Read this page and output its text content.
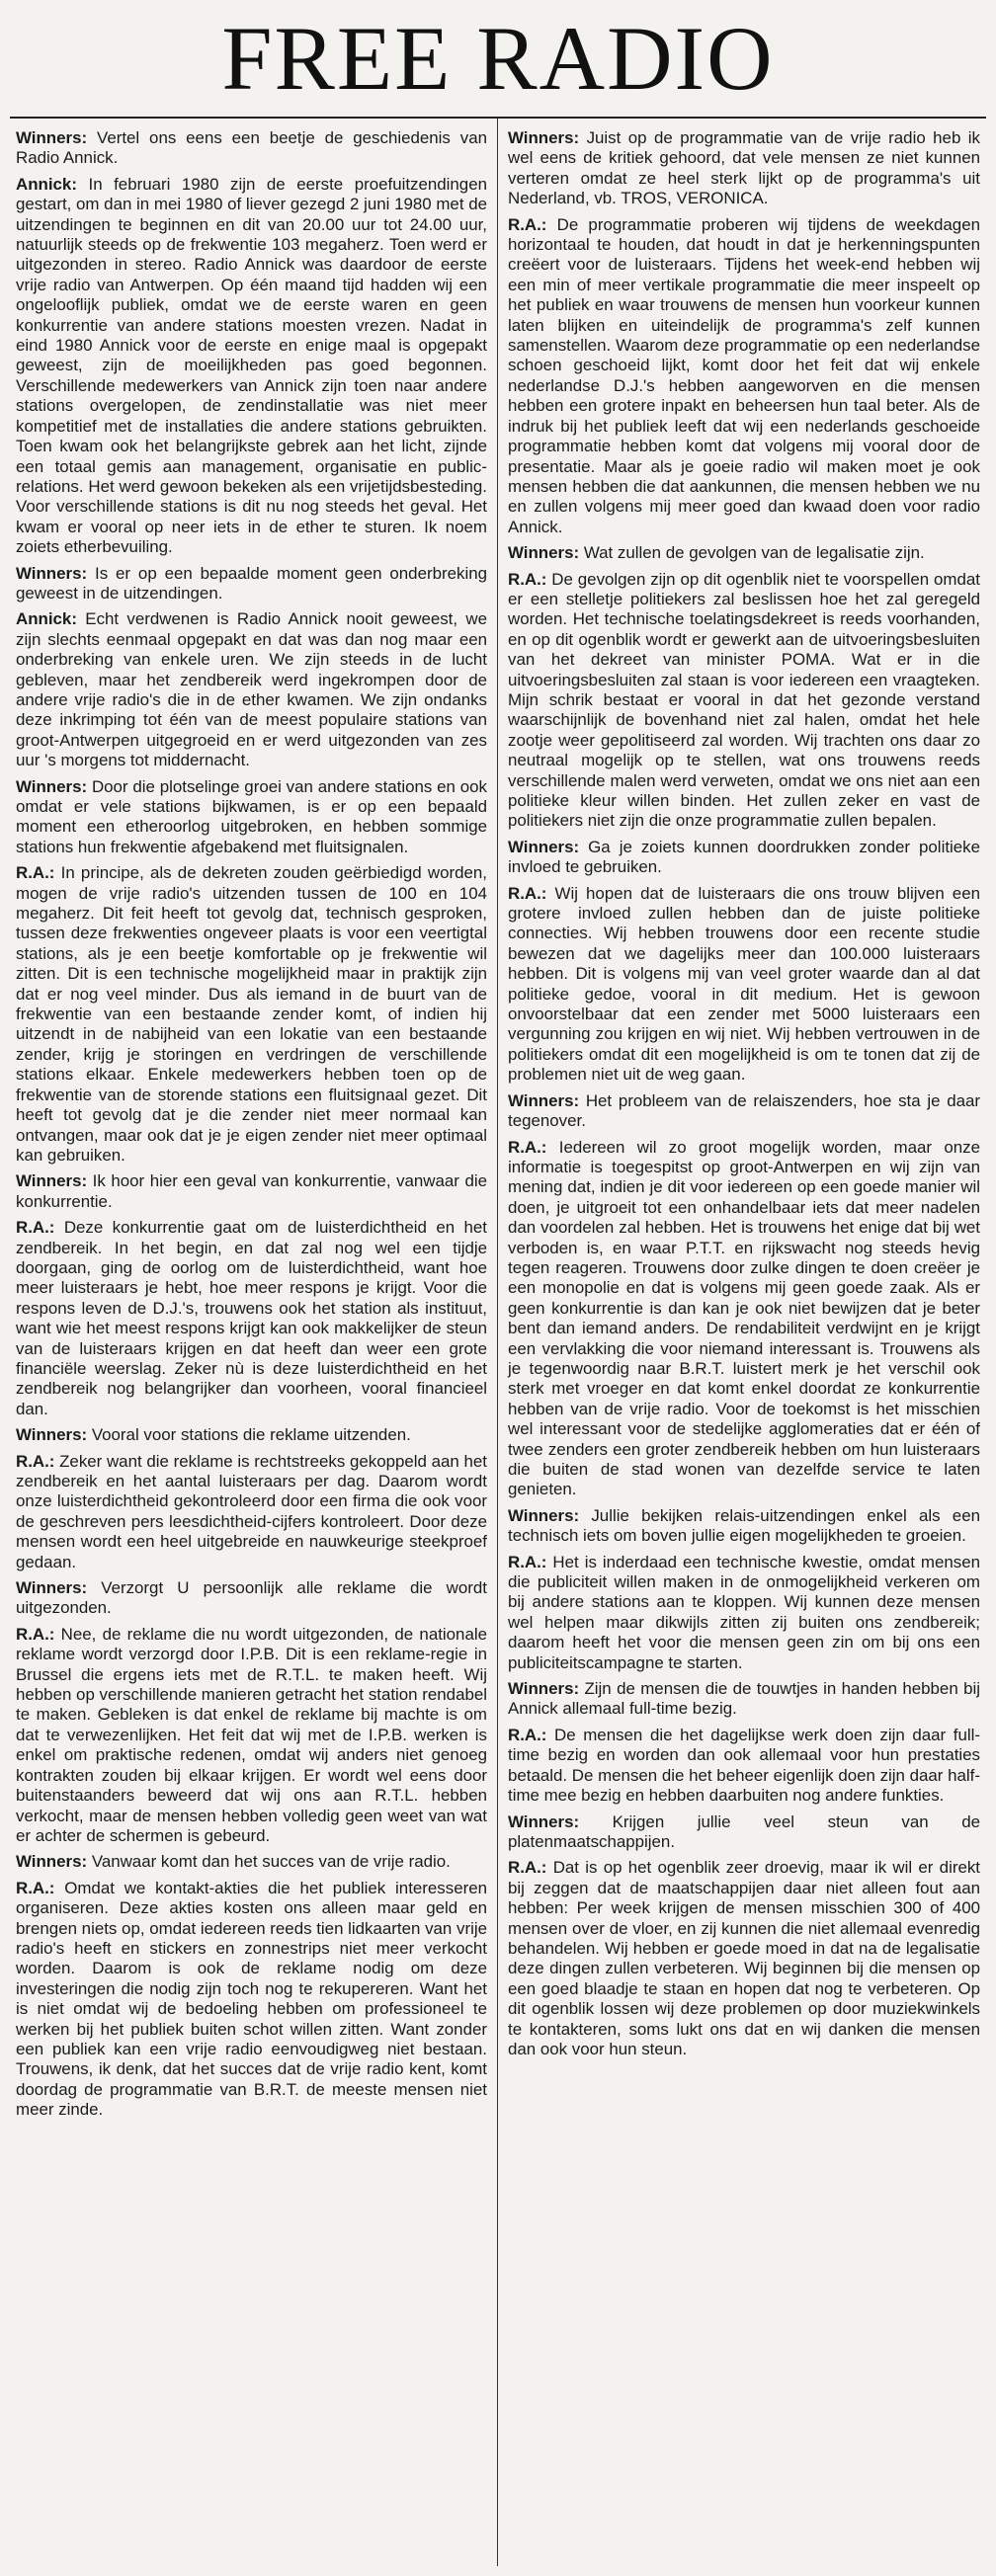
FREE RADIO

Winners: Vertel ons eens een beetje de geschiedenis van Radio Annick.

Annick: In februari 1980 zijn de eerste proefuitzendingen gestart, om dan in mei 1980 of liever gezegd 2 juni 1980 met de uitzendingen te beginnen en dit van 20.00 uur tot 24.00 uur, natuurlijk steeds op de frekwentie 103 megaherz. Toen werd er uitgezonden in stereo. Radio Annick was daardoor de eerste vrije radio van Antwerpen. Op één maand tijd hadden wij een ongelooflijk publiek, omdat we de eerste waren en geen konkurrentie van andere stations moesten vrezen. Nadat in eind 1980 Annick voor de eerste en enige maal is opgepakt geweest, zijn de moeilijkheden pas goed begonnen. Verschillende medewerkers van Annick zijn toen naar andere stations overgelopen, de zendinstallatie was niet meer kompetitief met de installaties die andere stations gebruikten. Toen kwam ook het belangrijkste gebrek aan het licht, zijnde een totaal gemis aan management, organisatie en public-relations. Het werd gewoon bekeken als een vrijetijdsbesteding. Voor verschillende stations is dit nu nog steeds het geval. Het kwam er vooral op neer iets in de ether te sturen. Ik noem zoiets etherbevuiling.

Winners: Is er op een bepaalde moment geen onderbreking geweest in de uitzendingen.

Annick: Echt verdwenen is Radio Annick nooit geweest, we zijn slechts eenmaal opgepakt en dat was dan nog maar een onderbreking van enkele uren. We zijn steeds in de lucht gebleven, maar het zendbereik werd ingekrompen door de andere vrije radio's die in de ether kwamen. We zijn ondanks deze inkrimping tot één van de meest populaire stations van groot-Antwerpen uitgegroeid en er werd uitgezonden van zes uur 's morgens tot middernacht.

Winners: Door die plotselinge groei van andere stations en ook omdat er vele stations bijkwamen, is er op een bepaald moment een etheroorlog uitgebroken, en hebben sommige stations hun frekwentie afgebakend met fluitsignalen.

R.A.: In principe, als de dekreten zouden geërbiedigd worden, mogen de vrije radio's uitzenden tussen de 100 en 104 megaherz. Dit feit heeft tot gevolg dat, technisch gesproken, tussen deze frekwenties ongeveer plaats is voor een veertigtal stations, als je een beetje komfortable op je frekwentie wil zitten. Dit is een technische mogelijkheid maar in praktijk zijn dat er nog veel minder. Dus als iemand in de buurt van de frekwentie van een bestaande zender komt, of indien hij uitzendt in de nabijheid van een lokatie van een bestaande zender, krijg je storingen en verdringen de verschillende stations elkaar. Enkele medewerkers hebben toen op de frekwentie van de storende stations een fluitsignaal gezet. Dit heeft tot gevolg dat je die zender niet meer normaal kan ontvangen, maar ook dat je je eigen zender niet meer optimaal kan gebruiken.

Winners: Ik hoor hier een geval van konkurrentie, vanwaar die konkurrentie.

R.A.: Deze konkurrentie gaat om de luisterdichtheid en het zendbereik. In het begin, en dat zal nog wel een tijdje doorgaan, ging de oorlog om de luisterdichtheid, want hoe meer luisteraars je hebt, hoe meer respons je krijgt. Voor die respons leven de D.J.'s, trouwens ook het station als instituut, want wie het meest respons krijgt kan ook makkelijker de steun van de luisteraars krijgen en dat heeft dan weer een grote financiële weerslag. Zeker nù is deze luisterdichtheid en het zendbereik nog belangrijker dan voorheen, vooral financieel dan.

Winners: Vooral voor stations die reklame uitzenden.

R.A.: Zeker want die reklame is rechtstreeks gekoppeld aan het zendbereik en het aantal luisteraars per dag. Daarom wordt onze luisterdichtheid gekontroleerd door een firma die ook voor de geschreven pers leesdichtheid-cijfers kontroleert. Door deze mensen wordt een heel uitgebreide en nauwkeurige steekproef gedaan.

Winners: Verzorgt U persoonlijk alle reklame die wordt uitgezonden.

R.A.: Nee, de reklame die nu wordt uitgezonden, de nationale reklame wordt verzorgd door I.P.B. Dit is een reklame-regie in Brussel die ergens iets met de R.T.L. te maken heeft. Wij hebben op verschillende manieren getracht het station rendabel te maken. Gebleken is dat enkel de reklame bij machte is om dat te verwezenlijken. Het feit dat wij met de I.P.B. werken is enkel om praktische redenen, omdat wij anders niet genoeg kontrakten zouden bij elkaar krijgen. Er wordt wel eens door buitenstaanders beweerd dat wij ons aan R.T.L. hebben verkocht, maar de mensen hebben volledig geen weet van wat er achter de schermen is gebeurd.

Winners: Vanwaar komt dan het succes van de vrije radio.

R.A.: Omdat we kontakt-akties die het publiek interesseren organiseren. Deze akties kosten ons alleen maar geld en brengen niets op, omdat iedereen reeds tien lidkaarten van vrije radio's heeft en stickers en zonnestrips niet meer verkocht worden. Daarom is ook de reklame nodig om deze investeringen die nodig zijn toch nog te rekupereren. Want het is niet omdat wij de bedoeling hebben om professioneel te werken bij het publiek buiten schot willen zitten. Want zonder een publiek kan een vrije radio eenvoudigweg niet bestaan. Trouwens, ik denk, dat het succes dat de vrije radio kent, komt doordag de programmatie van B.R.T. de meeste mensen niet meer zinde.

Winners: Juist op de programmatie van de vrije radio heb ik wel eens de kritiek gehoord, dat vele mensen ze niet kunnen verteren omdat ze heel sterk lijkt op de programma's uit Nederland, vb. TROS, VERONICA.

R.A.: De programmatie proberen wij tijdens de weekdagen horizontaal te houden, dat houdt in dat je herkenningspunten creëert voor de luisteraars. Tijdens het week-end hebben wij een min of meer vertikale programmatie die meer inspeelt op het publiek en waar trouwens de mensen hun voorkeur kunnen laten blijken en uiteindelijk de programma's zelf kunnen samenstellen. Waarom deze programmatie op een nederlandse schoen geschoeid lijkt, komt door het feit dat wij enkele nederlandse D.J.'s hebben aangeworven en die mensen hebben een grotere inpakt en beheersen hun taal beter. Als de indruk bij het publiek leeft dat wij een nederlands geschoeide programmatie hebben komt dat volgens mij vooral door de presentatie. Maar als je goeie radio wil maken moet je ook mensen hebben die dat aankunnen, die mensen hebben we nu en zullen volgens mij meer goed dan kwaad doen voor radio Annick.

Winners: Wat zullen de gevolgen van de legalisatie zijn.

R.A.: De gevolgen zijn op dit ogenblik niet te voorspellen omdat er een stelletje politiekers zal beslissen hoe het zal geregeld worden. Het technische toelatingsdekreet is reeds voorhanden, en op dit ogenblik wordt er gewerkt aan de uitvoeringsbesluiten van het dekreet van minister POMA. Wat er in die uitvoeringsbesluiten zal staan is voor iedereen een vraagteken. Mijn schrik bestaat er vooral in dat het gezonde verstand waarschijnlijk de bovenhand niet zal halen, omdat het hele zootje weer gepolitiseerd zal worden. Wij trachten ons daar zo neutraal mogelijk op te stellen, wat ons trouwens reeds verschillende malen werd verweten, omdat we ons niet aan een politieke kleur willen binden. Het zullen zeker en vast de politiekers niet zijn die onze programmatie zullen bepalen.

Winners: Ga je zoiets kunnen doordrukken zonder politieke invloed te gebruiken.

R.A.: Wij hopen dat de luisteraars die ons trouw blijven een grotere invloed zullen hebben dan de juiste politieke connecties. Wij hebben trouwens door een recente studie bewezen dat we dagelijks meer dan 100.000 luisteraars hebben. Dit is volgens mij van veel groter waarde dan al dat politieke gedoe, vooral in dit medium. Het is gewoon onvoorstelbaar dat een zender met 5000 luisteraars een vergunning zou krijgen en wij niet. Wij hebben vertrouwen in de politiekers omdat dit een mogelijkheid is om te tonen dat zij de problemen niet uit de weg gaan.

Winners: Het probleem van de relaiszenders, hoe sta je daar tegenover.

R.A.: Iedereen wil zo groot mogelijk worden, maar onze informatie is toegespitst op groot-Antwerpen en wij zijn van mening dat, indien je dit voor iedereen op een goede manier wil doen, je uitgroeit tot een onhandelbaar iets dat meer nadelen dan voordelen zal hebben. Het is trouwens het enige dat bij wet verboden is, en waar P.T.T. en rijkswacht nog steeds hevig tegen reageren. Trouwens door zulke dingen te doen creëer je een monopolie en dat is volgens mij geen goede zaak. Als er geen konkurrentie is dan kan je ook niet bewijzen dat je beter bent dan iemand anders. De rendabiliteit verdwijnt en je krijgt een vervlakking die voor niemand interessant is. Trouwens als je tegenwoordig naar B.R.T. luistert merk je het verschil ook sterk met vroeger en dat komt enkel doordat ze konkurrentie hebben van de vrije radio. Voor de toekomst is het misschien wel interessant voor de stedelijke agglomeraties dat er één of twee zenders een groter zendbereik hebben om hun luisteraars die buiten de stad wonen van dezelfde service te laten genieten.

Winners: Jullie bekijken relais-uitzendingen enkel als een technisch iets om boven jullie eigen mogelijkheden te groeien.

R.A.: Het is inderdaad een technische kwestie, omdat mensen die publiciteit willen maken in de onmogelijkheid verkeren om bij andere stations aan te kloppen. Wij kunnen deze mensen wel helpen maar dikwijls zitten zij buiten ons zendbereik; daarom heeft het voor die mensen geen zin om bij ons een publiciteitscampagne te starten.

Winners: Zijn de mensen die de touwtjes in handen hebben bij Annick allemaal full-time bezig.

R.A.: De mensen die het dagelijkse werk doen zijn daar full-time bezig en worden dan ook allemaal voor hun prestaties betaald. De mensen die het beheer eigenlijk doen zijn daar half-time mee bezig en hebben daarbuiten nog andere funkties.

Winners: Krijgen jullie veel steun van de platenmaatschappijen.

R.A.: Dat is op het ogenblik zeer droevig, maar ik wil er direkt bij zeggen dat de maatschappijen daar niet alleen fout aan hebben: Per week krijgen de mensen misschien 300 of 400 mensen over de vloer, en zij kunnen die niet allemaal evenredig behandelen. Wij hebben er goede moed in dat na de legalisatie deze dingen zullen verbeteren. Wij beginnen bij die mensen op een goed blaadje te staan en hopen dat nog te verbeteren. Op dit ogenblik lossen wij deze problemen op door muziekwinkels te kontakteren, soms lukt ons dat en wij danken die mensen dan ook voor hun steun.
